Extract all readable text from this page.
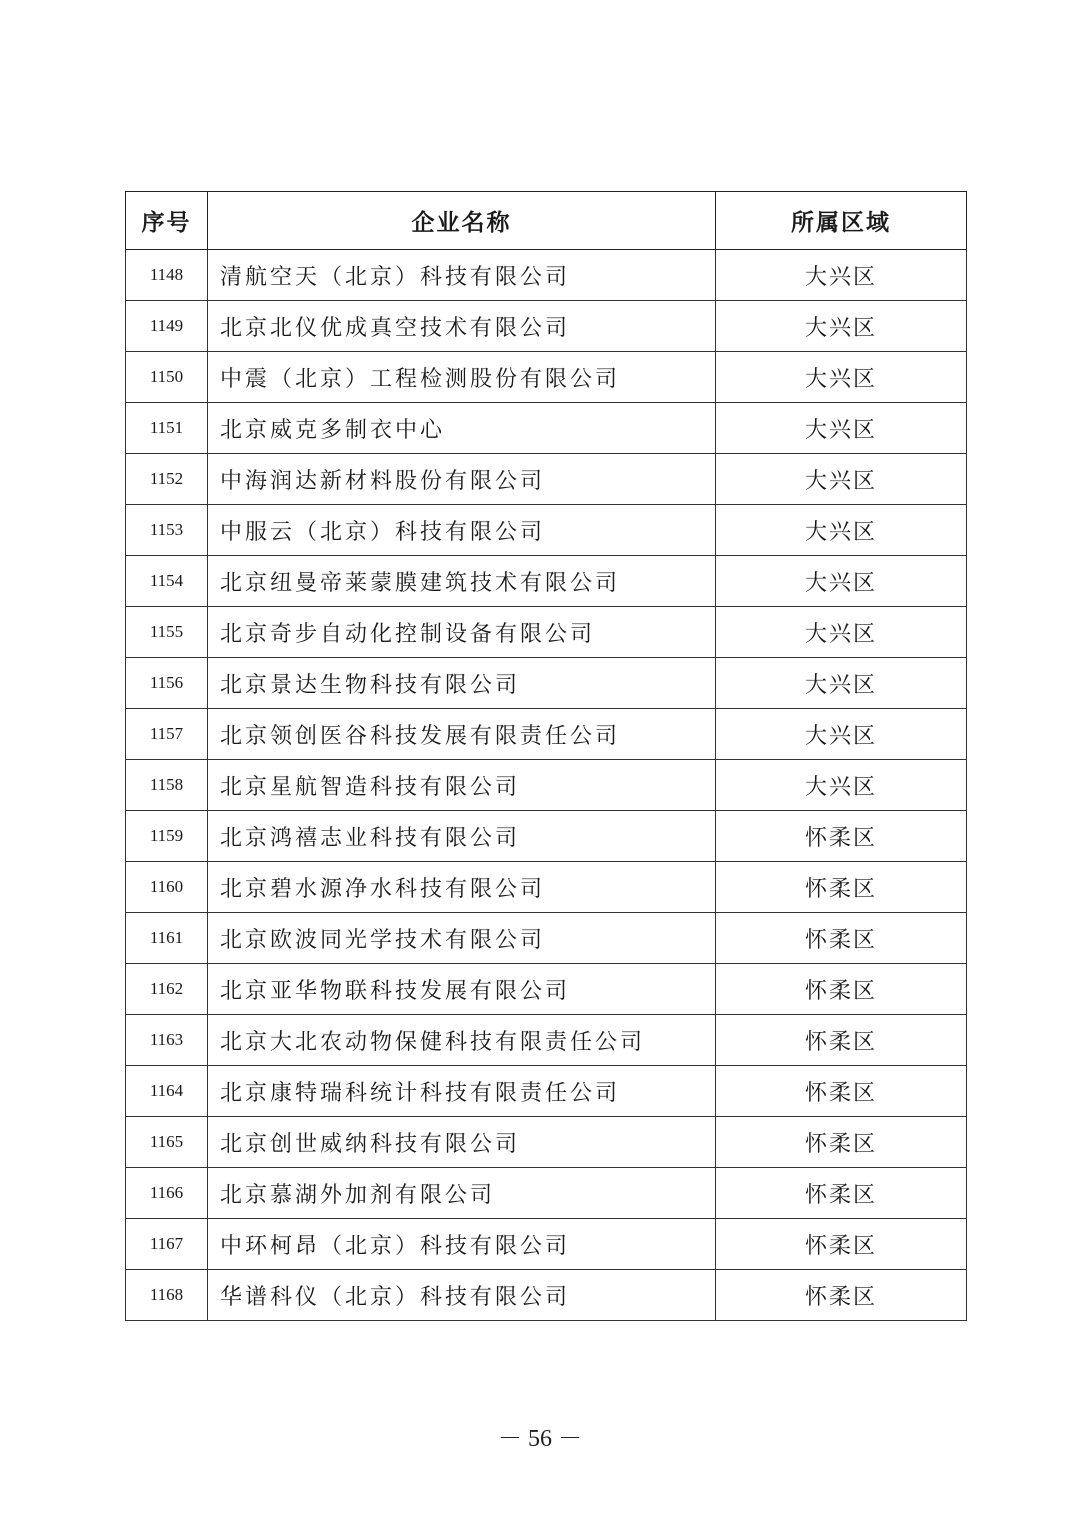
序号	企业名称	所属区域
1148	清航空天（北京）科技有限公司	大兴区
1149	北京北仪优成真空技术有限公司	大兴区
1150	中震（北京）工程检测股份有限公司	大兴区
1151	北京威克多制衣中心	大兴区
1152	中海润达新材料股份有限公司	大兴区
1153	中服云（北京）科技有限公司	大兴区
1154	北京纽曼帝莱蒙膜建筑技术有限公司	大兴区
1155	北京奇步自动化控制设备有限公司	大兴区
1156	北京景达生物科技有限公司	大兴区
1157	北京领创医谷科技发展有限责任公司	大兴区
1158	北京星航智造科技有限公司	大兴区
1159	北京鸿禧志业科技有限公司	怀柔区
1160	北京碧水源净水科技有限公司	怀柔区
1161	北京欧波同光学技术有限公司	怀柔区
1162	北京亚华物联科技发展有限公司	怀柔区
1163	北京大北农动物保健科技有限责任公司	怀柔区
1164	北京康特瑞科统计科技有限责任公司	怀柔区
1165	北京创世威纳科技有限公司	怀柔区
1166	北京慕湖外加剂有限公司	怀柔区
1167	中环柯昂（北京）科技有限公司	怀柔区
1168	华谱科仪（北京）科技有限公司	怀柔区
－ 56 －
